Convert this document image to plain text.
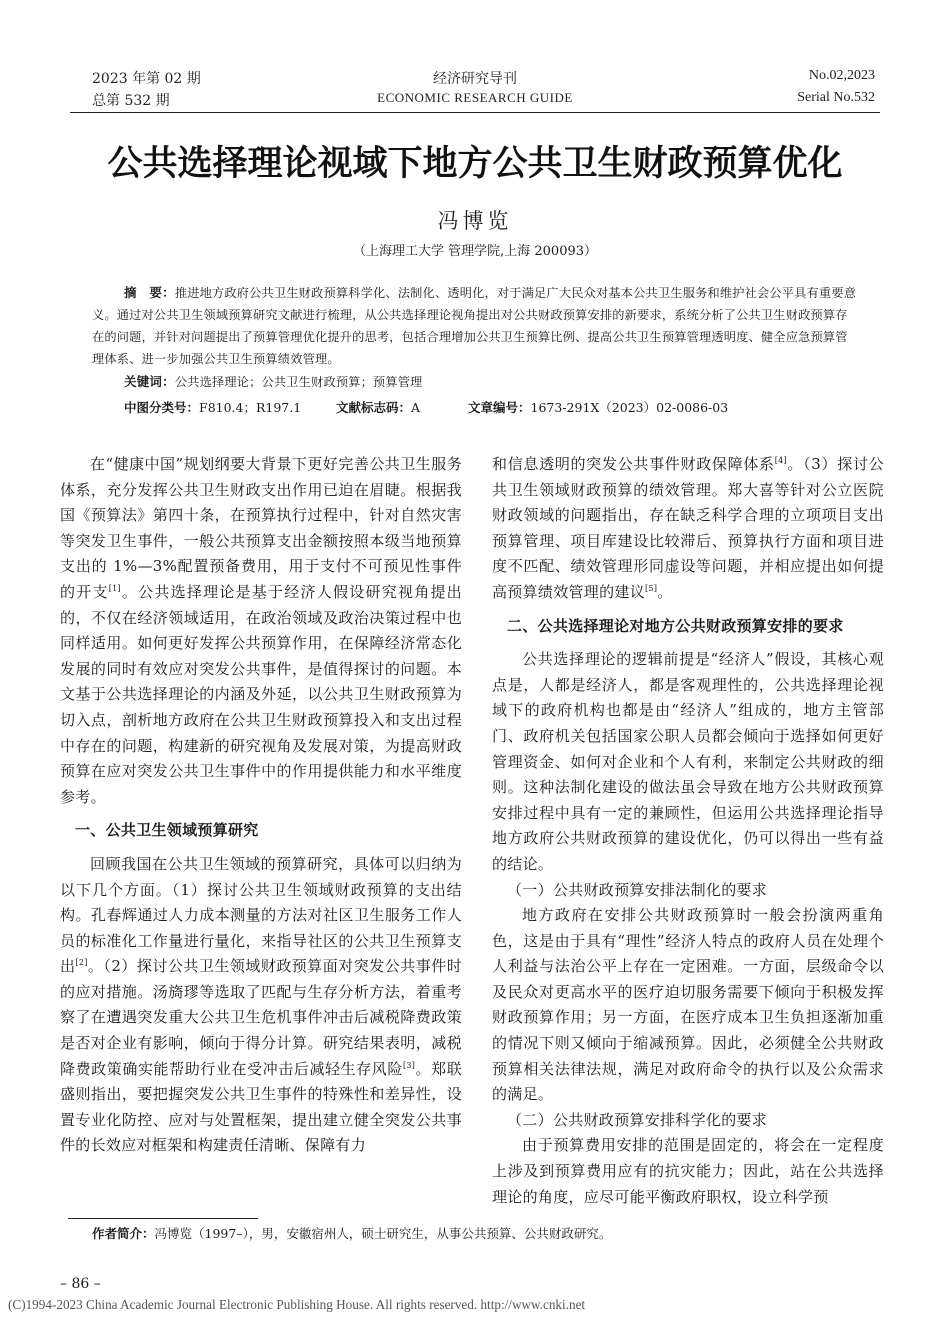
2023 年第 02 期
总第 532 期
经济研究导刊
ECONOMIC RESEARCH GUIDE
No.02,2023
Serial No.532
公共选择理论视域下地方公共卫生财政预算优化
冯博览
（上海理工大学 管理学院,上海 200093）
摘　要：推进地方政府公共卫生财政预算科学化、法制化、透明化，对于满足广大民众对基本公共卫生服务和维护社会公平具有重要意义。通过对公共卫生领域预算研究文献进行梳理，从公共选择理论视角提出对公共财政预算安排的新要求，系统分析了公共卫生财政预算存在的问题，并针对问题提出了预算管理优化提升的思考，包括合理增加公共卫生预算比例、提高公共卫生预算管理透明度、健全应急预算管理体系、进一步加强公共卫生预算绩效管理。
关键词：公共选择理论；公共卫生财政预算；预算管理
中图分类号：F810.4；R197.1	文献标志码：A	文章编号：1673-291X（2023）02-0086-03

在“健康中国”规划纲要大背景下更好完善公共卫生服务体系，充分发挥公共卫生财政支出作用已迫在眉睫。根据我国《预算法》第四十条，在预算执行过程中，针对自然灾害等突发卫生事件，一般公共预算支出金额按照本级当地预算支出的 1%—3%配置预备费用，用于支付不可预见性事件的开支[1]。公共选择理论是基于经济人假设研究视角提出的，不仅在经济领域适用，在政治领域及政治决策过程中也同样适用。如何更好发挥公共预算作用，在保障经济常态化发展的同时有效应对突发公共事件，是值得探讨的问题。本文基于公共选择理论的内涵及外延，以公共卫生财政预算为切入点，剖析地方政府在公共卫生财政预算投入和支出过程中存在的问题，构建新的研究视角及发展对策，为提高财政预算在应对突发公共卫生事件中的作用提供能力和水平维度参考。

一、公共卫生领域预算研究

回顾我国在公共卫生领域的预算研究，具体可以归纳为以下几个方面。（1）探讨公共卫生领域财政预算的支出结构。孔春辉通过人力成本测量的方法对社区卫生服务工作人员的标准化工作量进行量化，来指导社区的公共卫生预算支出[2]。（2）探讨公共卫生领域财政预算面对突发公共事件时的应对措施。汤旖璆等选取了匹配与生存分析方法，着重考察了在遭遇突发重大公共卫生危机事件冲击后减税降费政策是否对企业有影响，倾向于得分计算。研究结果表明，减税降费政策确实能帮助行业在受冲击后减轻生存风险[3]。郑联盛则指出，要把握突发公共卫生事件的特殊性和差异性，设置专业化防控、应对与处置框架，提出建立健全突发公共事件的长效应对框架和构建责任清晰、保障有力

和信息透明的突发公共事件财政保障体系[4]。（3）探讨公共卫生领域财政预算的绩效管理。郑大喜等针对公立医院财政领域的问题指出，存在缺乏科学合理的立项项目支出预算管理、项目库建设比较滞后、预算执行方面和项目进度不匹配、绩效管理形同虚设等问题，并相应提出如何提高预算绩效管理的建议[5]。

二、公共选择理论对地方公共财政预算安排的要求

公共选择理论的逻辑前提是“经济人”假设，其核心观点是，人都是经济人，都是客观理性的，公共选择理论视域下的政府机构也都是由“经济人”组成的，地方主管部门、政府机关包括国家公职人员都会倾向于选择如何更好管理资金、如何对企业和个人有利，来制定公共财政的细则。这种法制化建设的做法虽会导致在地方公共财政预算安排过程中具有一定的兼顾性，但运用公共选择理论指导地方政府公共财政预算的建设优化，仍可以得出一些有益的结论。

（一）公共财政预算安排法制化的要求

地方政府在安排公共财政预算时一般会扮演两重角色，这是由于具有“理性”经济人特点的政府人员在处理个人利益与法治公平上存在一定困难。一方面，层级命令以及民众对更高水平的医疗迫切服务需要下倾向于积极发挥财政预算作用；另一方面，在医疗成本卫生负担逐渐加重的情况下则又倾向于缩减预算。因此，必须健全公共财政预算相关法律法规，满足对政府命令的执行以及公众需求的满足。

（二）公共财政预算安排科学化的要求

由于预算费用安排的范围是固定的，将会在一定程度上涉及到预算费用应有的抗灾能力；因此，站在公共选择理论的角度，应尽可能平衡政府职权，设立科学预

作者简介：冯博览（1997–），男，安徽宿州人，硕士研究生，从事公共预算、公共财政研究。
– 86 –
(C)1994-2023 China Academic Journal Electronic Publishing House. All rights reserved. http://www.cnki.net
